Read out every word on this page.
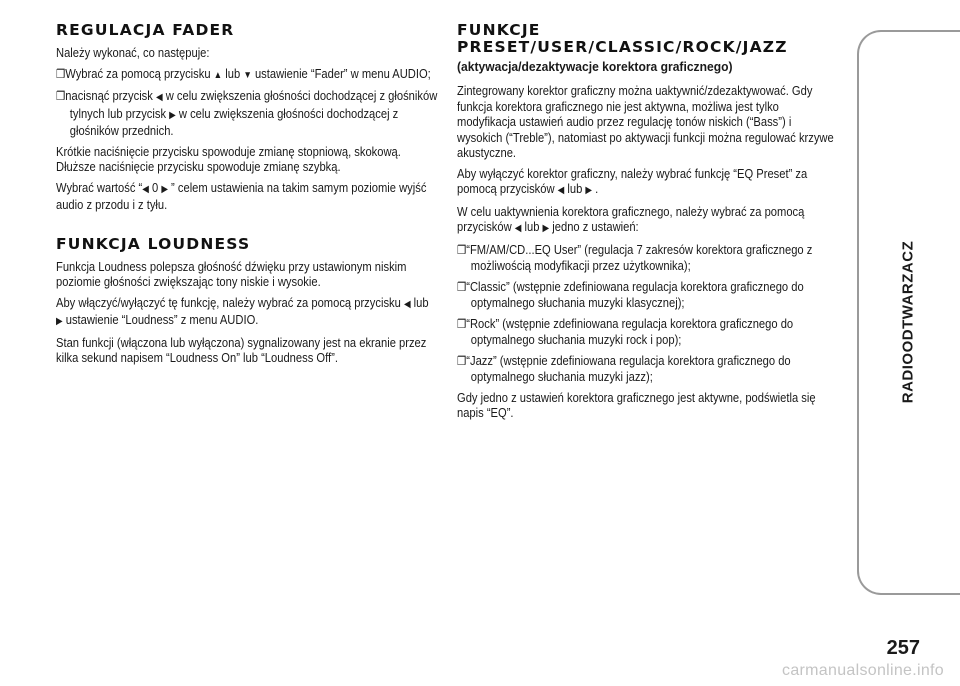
REGULACJA FADER

Należy wykonać, co następuje:

❒Wybrać za pomocą przycisku ▲ lub ▼ ustawienie “Fader” w menu AUDIO;

❒nacisnąć przycisk ◀ w celu zwiększenia głośności dochodzącej z głośników tylnych lub przycisk ▶ w celu zwiększenia głośności dochodzącej z głośników przednich.

Krótkie naciśnięcie przycisku spowoduje zmianę stopniową, skokową. Dłuższe naciśnięcie przycisku spowoduje zmianę szybką.

Wybrać wartość “◀ 0 ▶ ” celem ustawienia na takim samym poziomie wyjść audio z przodu i z tyłu.

FUNKCJA LOUDNESS

Funkcja Loudness polepsza głośność dźwięku przy ustawionym niskim poziomie głośności zwiększając tony niskie i wysokie.

Aby włączyć/wyłączyć tę funkcję, należy wybrać za pomocą przycisku ◀ lub ▶ ustawienie “Loudness” z menu AUDIO.

Stan funkcji (włączona lub wyłączona) sygnalizowany jest na ekranie przez kilka sekund napisem “Loudness On” lub “Loudness Off”.

FUNKCJE
PRESET/USER/CLASSIC/ROCK/JAZZ
(aktywacja/dezaktywacje korektora graficznego)

Zintegrowany korektor graficzny można uaktywnić/zdezaktywować. Gdy funkcja korektora graficznego nie jest aktywna, możliwa jest tylko modyfikacja ustawień audio przez regulację tonów niskich (“Bass”) i wysokich (“Treble”), natomiast po aktywacji funkcji można regulować krzywe akustyczne.

Aby wyłączyć korektor graficzny, należy wybrać funkcję “EQ Preset” za pomocą przycisków ◀ lub ▶ .

W celu uaktywnienia korektora graficznego, należy wybrać za pomocą przycisków ◀ lub ▶ jedno z ustawień:

❒“FM/AM/CD...EQ User” (regulacja 7 zakresów korektora graficznego z możliwością modyfikacji przez użytkownika);

❒“Classic” (wstępnie zdefiniowana regulacja korektora graficznego do optymalnego słuchania muzyki klasycznej);

❒“Rock” (wstępnie zdefiniowana regulacja korektora graficznego do optymalnego słuchania muzyki rock i pop);

❒“Jazz” (wstępnie zdefiniowana regulacja korektora graficznego do optymalnego słuchania muzyki jazz);

Gdy jedno z ustawień korektora graficznego jest aktywne, podświetla się napis “EQ”.

RADIOODTWARZACZ
257
carmanualsonline.info
